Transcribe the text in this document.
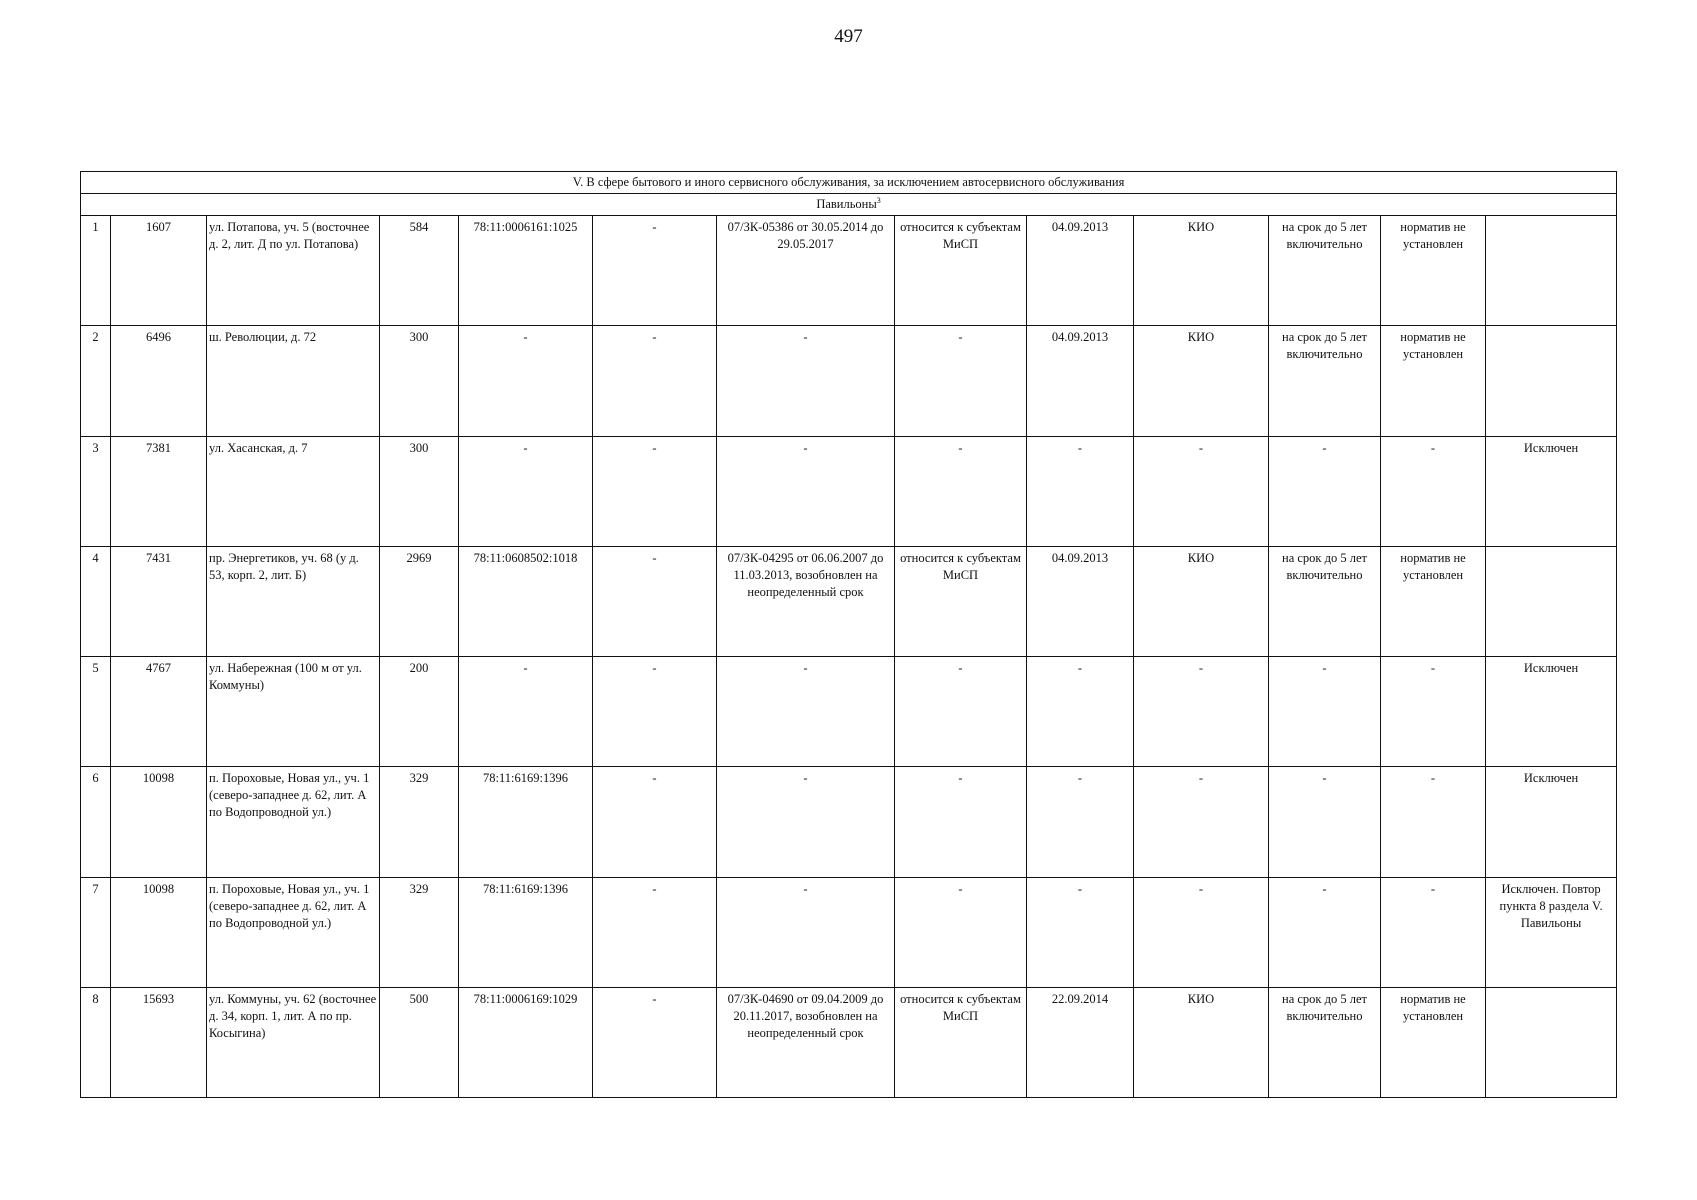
497
V. В сфере бытового и иного сервисного обслуживания, за исключением автосервисного обслуживания												
Павильоны$^3$
1	1607	ул. Потапова, уч. 5 (восточнее д. 2, лит. Д по ул. Потапова)	584	78:11:0006161:1025	-	07/ЗК-05386 от 30.05.2014 до 29.05.2017	относится к субъектам МиСП	04.09.2013	КИО	на срок до 5 лет включительно	норматив не установлен	
2	6496	ш. Революции, д. 72	300	-	-	-	-	04.09.2013	КИО	на срок до 5 лет включительно	норматив не установлен	
3	7381	ул. Хасанская, д. 7	300	-	-	-	-	-	-	-	-	Исключен
4	7431	пр. Энергетиков, уч. 68 (у д. 53, корп. 2, лит. Б)	2969	78:11:0608502:1018	-	07/ЗК-04295 от 06.06.2007 до 11.03.2013, возобновлен на неопределенный срок	относится к субъектам МиСП	04.09.2013	КИО	на срок до 5 лет включительно	норматив не установлен	
5	4767	ул. Набережная (100 м от ул. Коммуны)	200	-	-	-	-	-	-	-	-	Исключен
6	10098	п. Пороховые, Новая ул., уч. 1 (северо-западнее д. 62, лит. А по Водопроводной ул.)	329	78:11:6169:1396	-	-	-	-	-	-	-	Исключен
7	10098	п. Пороховые, Новая ул., уч. 1 (северо-западнее д. 62, лит. А по Водопроводной ул.)	329	78:11:6169:1396	-	-	-	-	-	-	-	Исключен. Повтор пункта 8 раздела V. Павильоны
8	15693	ул. Коммуны, уч. 62 (восточнее д. 34, корп. 1, лит. А по пр. Косыгина)	500	78:11:0006169:1029	-	07/ЗК-04690 от 09.04.2009 до 20.11.2017, возобновлен на неопределенный срок	относится к субъектам МиСП	22.09.2014	КИО	на срок до 5 лет включительно	норматив не установлен	
